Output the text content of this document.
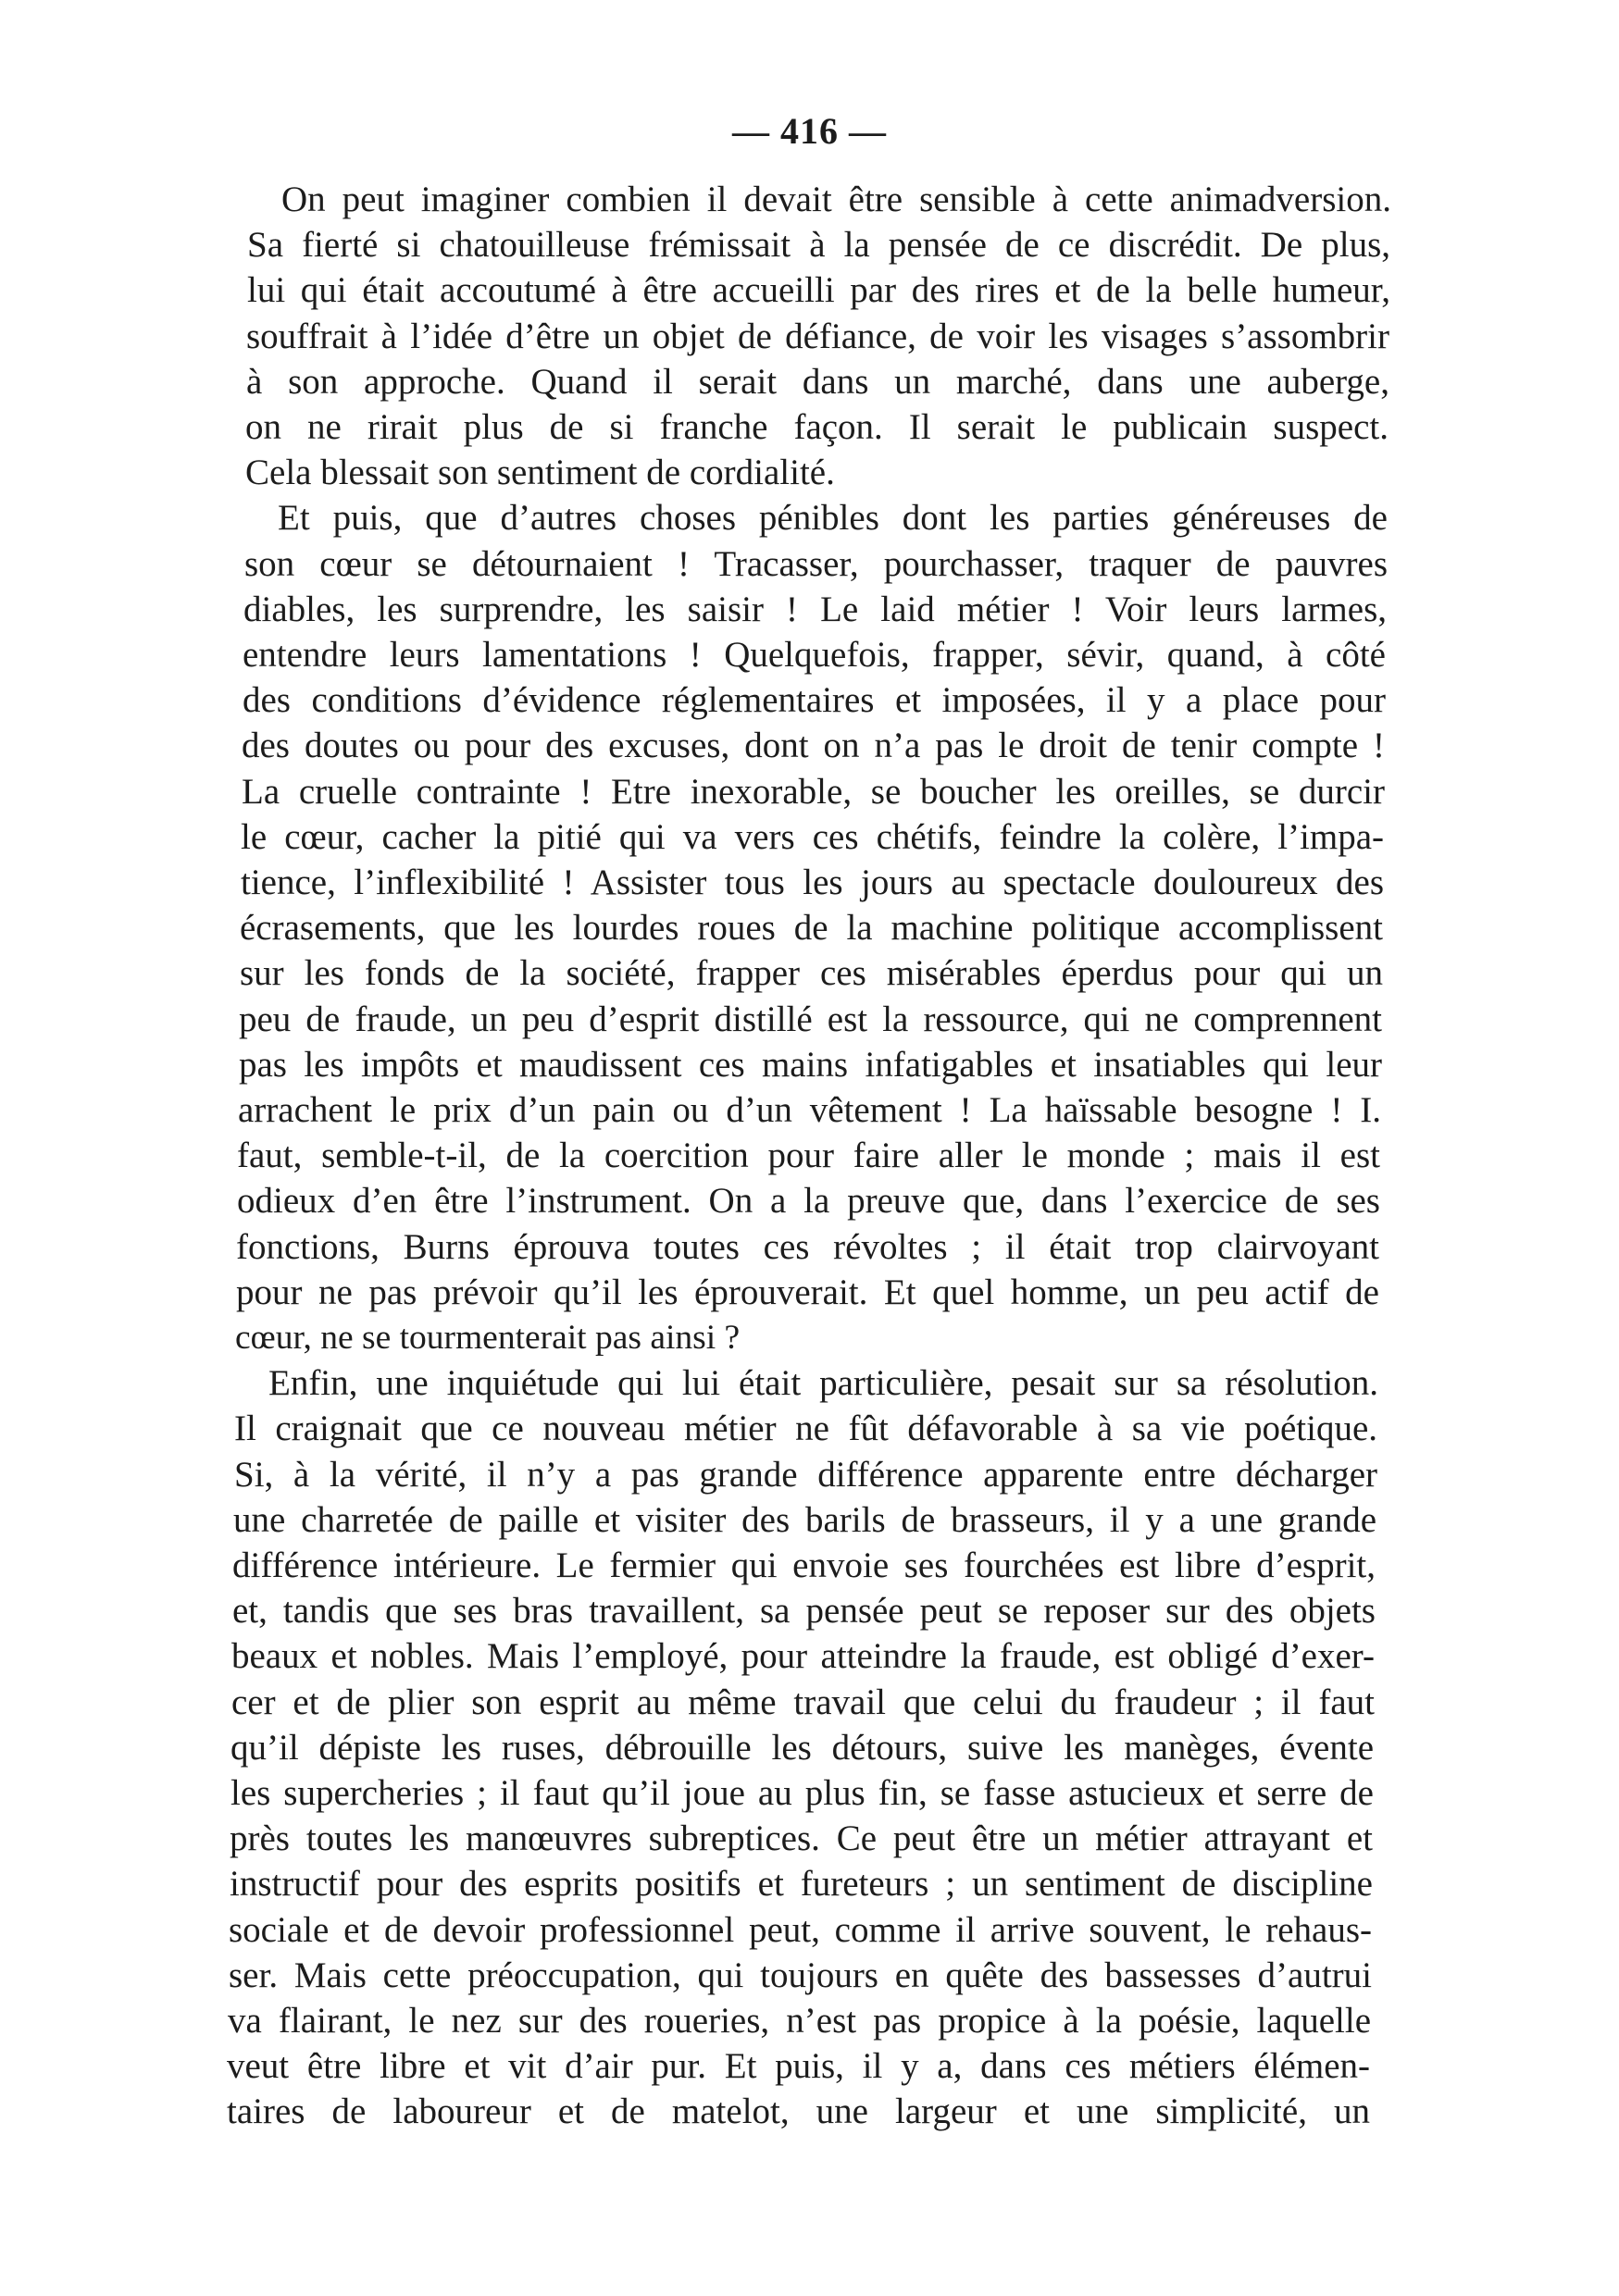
— 416 —
On peut imaginer combien il devait être sensible à cette animadversion.
Sa fierté si chatouilleuse frémissait à la pensée de ce discrédit. De plus,
lui qui était accoutumé à être accueilli par des rires et de la belle humeur,
souffrait à l’idée d’être un objet de défiance, de voir les visages s’assombrir
à son approche. Quand il serait dans un marché, dans une auberge,
on ne rirait plus de si franche façon. Il serait le publicain suspect.
Cela blessait son sentiment de cordialité.
Et puis, que d’autres choses pénibles dont les parties généreuses de
son cœur se détournaient ! Tracasser, pourchasser, traquer de pauvres
diables, les surprendre, les saisir ! Le laid métier ! Voir leurs larmes,
entendre leurs lamentations ! Quelquefois, frapper, sévir, quand, à côté
des conditions d’évidence réglementaires et imposées, il y a place pour
des doutes ou pour des excuses, dont on n’a pas le droit de tenir compte !
La cruelle contrainte ! Etre inexorable, se boucher les oreilles, se durcir
le cœur, cacher la pitié qui va vers ces chétifs, feindre la colère, l’impa-
tience, l’inflexibilité ! Assister tous les jours au spectacle douloureux des
écrasements, que les lourdes roues de la machine politique accomplissent
sur les fonds de la société, frapper ces misérables éperdus pour qui un
peu de fraude, un peu d’esprit distillé est la ressource, qui ne comprennent
pas les impôts et maudissent ces mains infatigables et insatiables qui leur
arrachent le prix d’un pain ou d’un vêtement ! La haïssable besogne ! I.
faut, semble-t-il, de la coercition pour faire aller le monde ; mais il est
odieux d’en être l’instrument. On a la preuve que, dans l’exercice de ses
fonctions, Burns éprouva toutes ces révoltes ; il était trop clairvoyant
pour ne pas prévoir qu’il les éprouverait. Et quel homme, un peu actif de
cœur, ne se tourmenterait pas ainsi ?
Enfin, une inquiétude qui lui était particulière, pesait sur sa résolution.
Il craignait que ce nouveau métier ne fût défavorable à sa vie poétique.
Si, à la vérité, il n’y a pas grande différence apparente entre décharger
une charretée de paille et visiter des barils de brasseurs, il y a une grande
différence intérieure. Le fermier qui envoie ses fourchées est libre d’esprit,
et, tandis que ses bras travaillent, sa pensée peut se reposer sur des objets
beaux et nobles. Mais l’employé, pour atteindre la fraude, est obligé d’exer-
cer et de plier son esprit au même travail que celui du fraudeur ; il faut
qu’il dépiste les ruses, débrouille les détours, suive les manèges, évente
les supercheries ; il faut qu’il joue au plus fin, se fasse astucieux et serre de
près toutes les manœuvres subreptices. Ce peut être un métier attrayant et
instructif pour des esprits positifs et fureteurs ; un sentiment de discipline
sociale et de devoir professionnel peut, comme il arrive souvent, le rehaus-
ser. Mais cette préoccupation, qui toujours en quête des bassesses d’autrui
va flairant, le nez sur des roueries, n’est pas propice à la poésie, laquelle
veut être libre et vit d’air pur. Et puis, il y a, dans ces métiers élémen-
taires de laboureur et de matelot, une largeur et une simplicité, un
